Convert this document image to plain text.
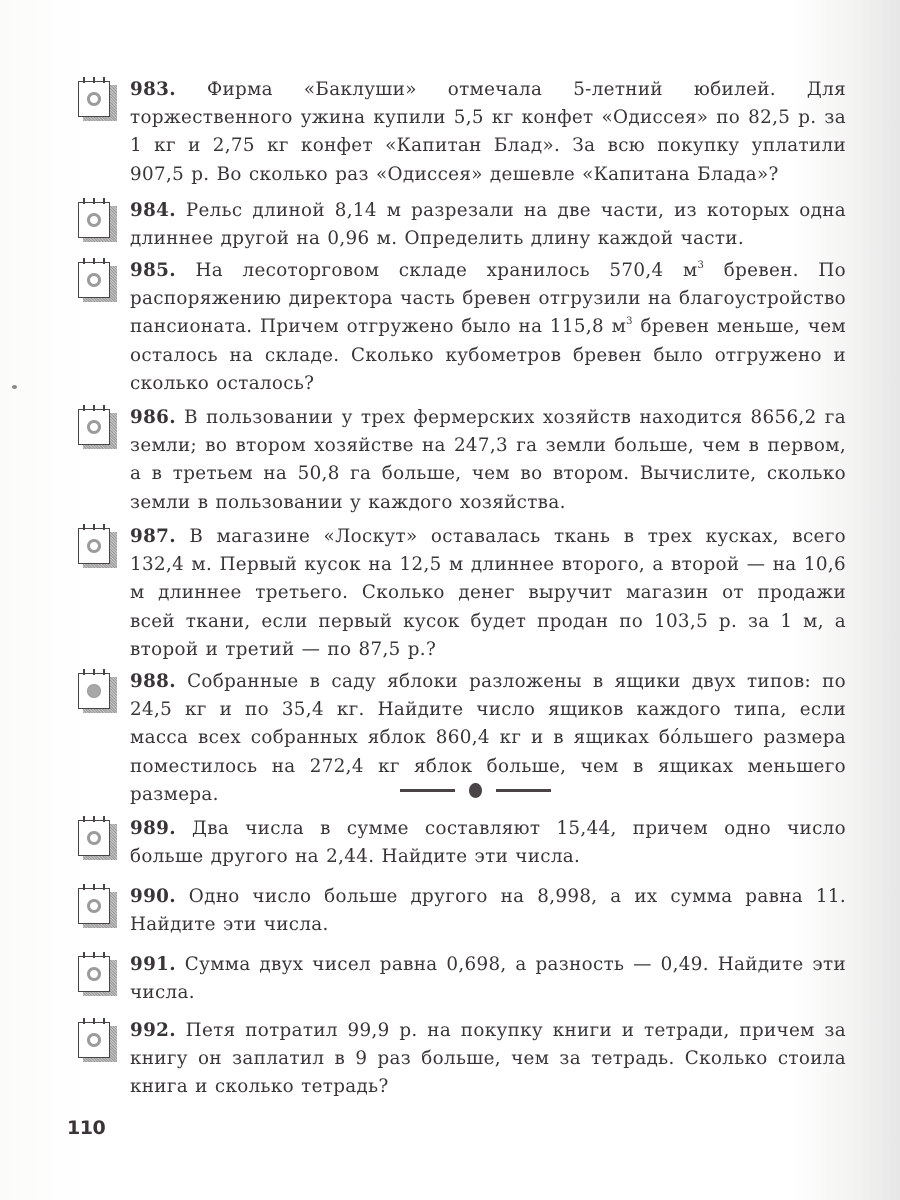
983. Фирма «Баклуши» отмечала 5-летний юбилей. Для торжественного ужина купили 5,5 кг конфет «Одиссея» по 82,5 р. за 1 кг и 2,75 кг конфет «Капитан Блад». За всю покупку уплатили 907,5 р. Во сколько раз «Одиссея» дешевле «Капитана Блада»?
984. Рельс длиной 8,14 м разрезали на две части, из которых одна длиннее другой на 0,96 м. Определить длину каждой части.
985. На лесоторговом складе хранилось 570,4 $м^3$ бревен. По распоряжению директора часть бревен отгрузили на благоустройство пансионата. Причем отгружено было на 115,8 $м^3$ бревен меньше, чем осталось на складе. Сколько кубометров бревен было отгружено и сколько осталось?
986. В пользовании у трех фермерских хозяйств находится 8656,2 га земли; во втором хозяйстве на 247,3 га земли больше, чем в первом, а в третьем на 50,8 га больше, чем во втором. Вычислите, сколько земли в пользовании у каждого хозяйства.
987. В магазине «Лоскут» оставалась ткань в трех кусках, всего 132,4 м. Первый кусок на 12,5 м длиннее второго, а второй — на 10,6 м длиннее третьего. Сколько денег выручит магазин от продажи всей ткани, если первый кусок будет продан по 103,5 р. за 1 м, а второй и третий — по 87,5 р.?
988. Собранные в саду яблоки разложены в ящики двух типов: по 24,5 кг и по 35,4 кг. Найдите число ящиков каждого типа, если масса всех собранных яблок 860,4 кг и в ящиках бóльшего размера поместилось на 272,4 кг яблок больше, чем в ящиках меньшего размера.
989. Два числа в сумме составляют 15,44, причем одно число больше другого на 2,44. Найдите эти числа.
990. Одно число больше другого на 8,998, а их сумма равна 11. Найдите эти числа.
991. Сумма двух чисел равна 0,698, а разность — 0,49. Найдите эти числа.
992. Петя потратил 99,9 р. на покупку книги и тетради, причем за книгу он заплатил в 9 раз больше, чем за тетрадь. Сколько стоила книга и сколько тетрадь?
110
